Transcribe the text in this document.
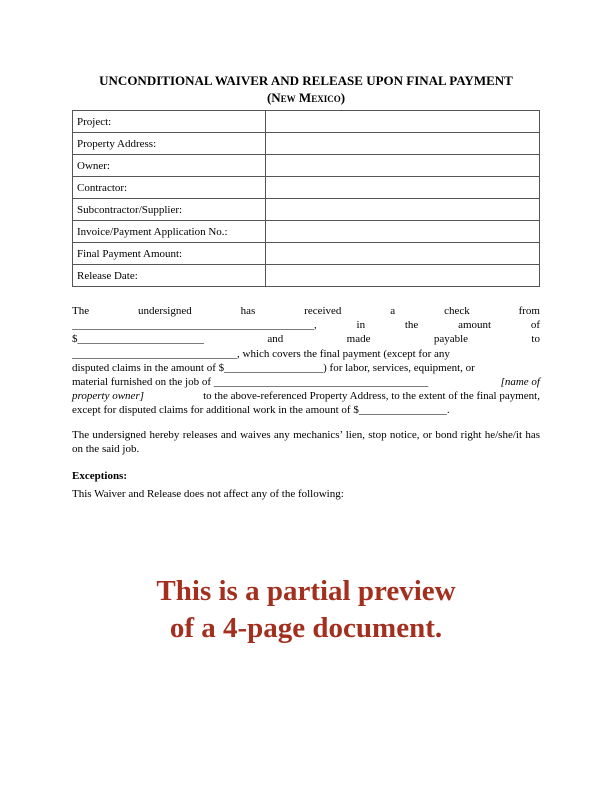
UNCONDITIONAL WAIVER AND RELEASE UPON FINAL PAYMENT
(New Mexico)
Project:	
Property Address:	
Owner:	
Contractor:	
Subcontractor/Supplier:	
Invoice/Payment Application No.:	
Final Payment Amount:	
Release Date:	
The	undersigned	has	received	a	check	from
____________________________________________,	in	the	amount	of
$_______________________	and	made	payable	to
______________________________, which covers the final payment (except for any
disputed claims in the amount of $__________________) for labor, services, equipment, or
material furnished on the job of _______________________________________	[name of
property owner]	to the above-referenced Property Address, to the extent of the final payment,
except for disputed claims for additional work in the amount of $________________.
The undersigned hereby releases and waives any mechanics’ lien, stop notice, or bond right he/she/it has on the said job.
Exceptions:
This Waiver and Release does not affect any of the following:
This is a partial preview
of a 4-page document.
